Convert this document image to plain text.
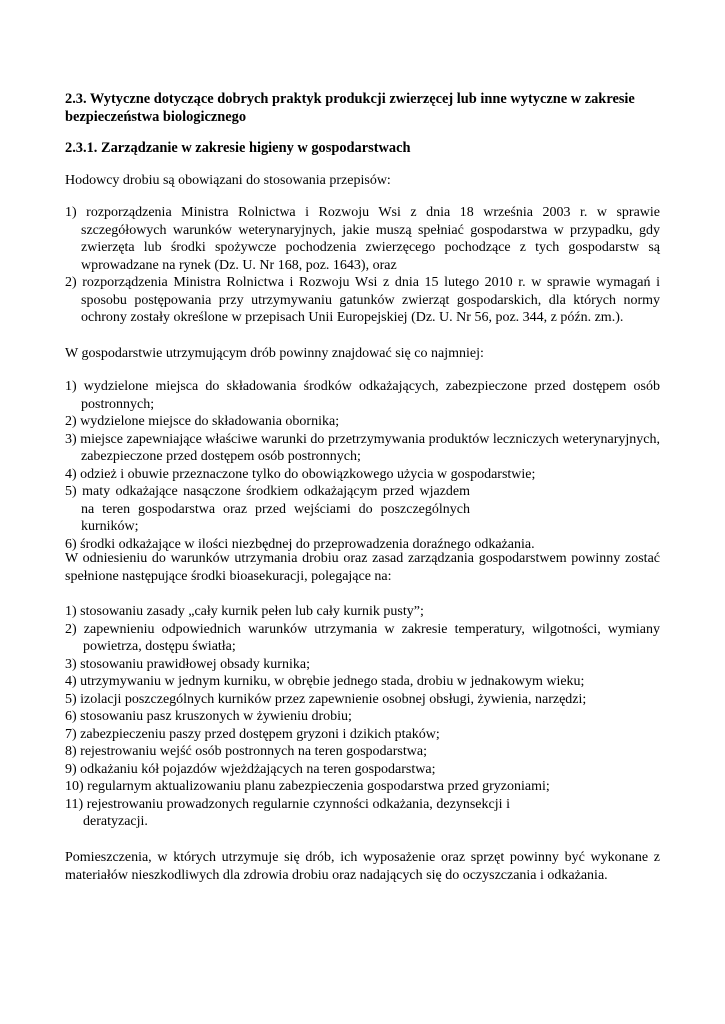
2.3. Wytyczne dotyczące dobrych praktyk produkcji zwierzęcej lub inne wytyczne w zakresie bezpieczeństwa biologicznego
2.3.1. Zarządzanie w zakresie higieny w gospodarstwach
Hodowcy drobiu są obowiązani do stosowania przepisów:
1) rozporządzenia Ministra Rolnictwa i Rozwoju Wsi z dnia 18 września 2003 r. w sprawie szczegółowych warunków weterynaryjnych, jakie muszą spełniać gospodarstwa w przypadku, gdy zwierzęta lub środki spożywcze pochodzenia zwierzęcego pochodzące z tych gospodarstw są wprowadzane na rynek (Dz. U. Nr 168, poz. 1643), oraz
2) rozporządzenia Ministra Rolnictwa i Rozwoju Wsi z dnia 15 lutego 2010 r. w sprawie wymagań i sposobu postępowania przy utrzymywaniu gatunków zwierząt gospodarskich, dla których normy ochrony zostały określone w przepisach Unii Europejskiej (Dz. U. Nr 56, poz. 344, z późn. zm.).
W gospodarstwie utrzymującym drób powinny znajdować się co najmniej:
1) wydzielone miejsca do składowania środków odkażających, zabezpieczone przed dostępem osób postronnych;
2) wydzielone miejsce do składowania obornika;
3) miejsce zapewniające właściwe warunki do przetrzymywania produktów leczniczych weterynaryjnych, zabezpieczone przed dostępem osób postronnych;
4) odzież i obuwie przeznaczone tylko do obowiązkowego użycia w gospodarstwie;
5) maty odkażające nasączone środkiem odkażającym przed wjazdem na teren gospodarstwa oraz przed wejściami do poszczególnych kurników;
6) środki odkażające w ilości niezbędnej do przeprowadzenia doraźnego odkażania.
W odniesieniu do warunków utrzymania drobiu oraz zasad zarządzania gospodarstwem powinny zostać spełnione następujące środki bioasekuracji, polegające na:
1) stosowaniu zasady „cały kurnik pełen lub cały kurnik pusty”;
2) zapewnieniu odpowiednich warunków utrzymania w zakresie temperatury, wilgotności, wymiany powietrza, dostępu światła;
3) stosowaniu prawidłowej obsady kurnika;
4) utrzymywaniu w jednym kurniku, w obrębie jednego stada, drobiu w jednakowym wieku;
5) izolacji poszczególnych kurników przez zapewnienie osobnej obsługi, żywienia, narzędzi;
6) stosowaniu pasz kruszonych w żywieniu drobiu;
7) zabezpieczeniu paszy przed dostępem gryzoni i dzikich ptaków;
8) rejestrowaniu wejść osób postronnych na teren gospodarstwa;
9) odkażaniu kół pojazdów wjeżdżających na teren gospodarstwa;
10) regularnym aktualizowaniu planu zabezpieczenia gospodarstwa przed gryzoniami;
11) rejestrowaniu prowadzonych regularnie czynności odkażania, dezynsekcji i deratyzacji.
Pomieszczenia, w których utrzymuje się drób, ich wyposażenie oraz sprzęt powinny być wykonane z materiałów nieszkodliwych dla zdrowia drobiu oraz nadających się do oczyszczania i odkażania.
